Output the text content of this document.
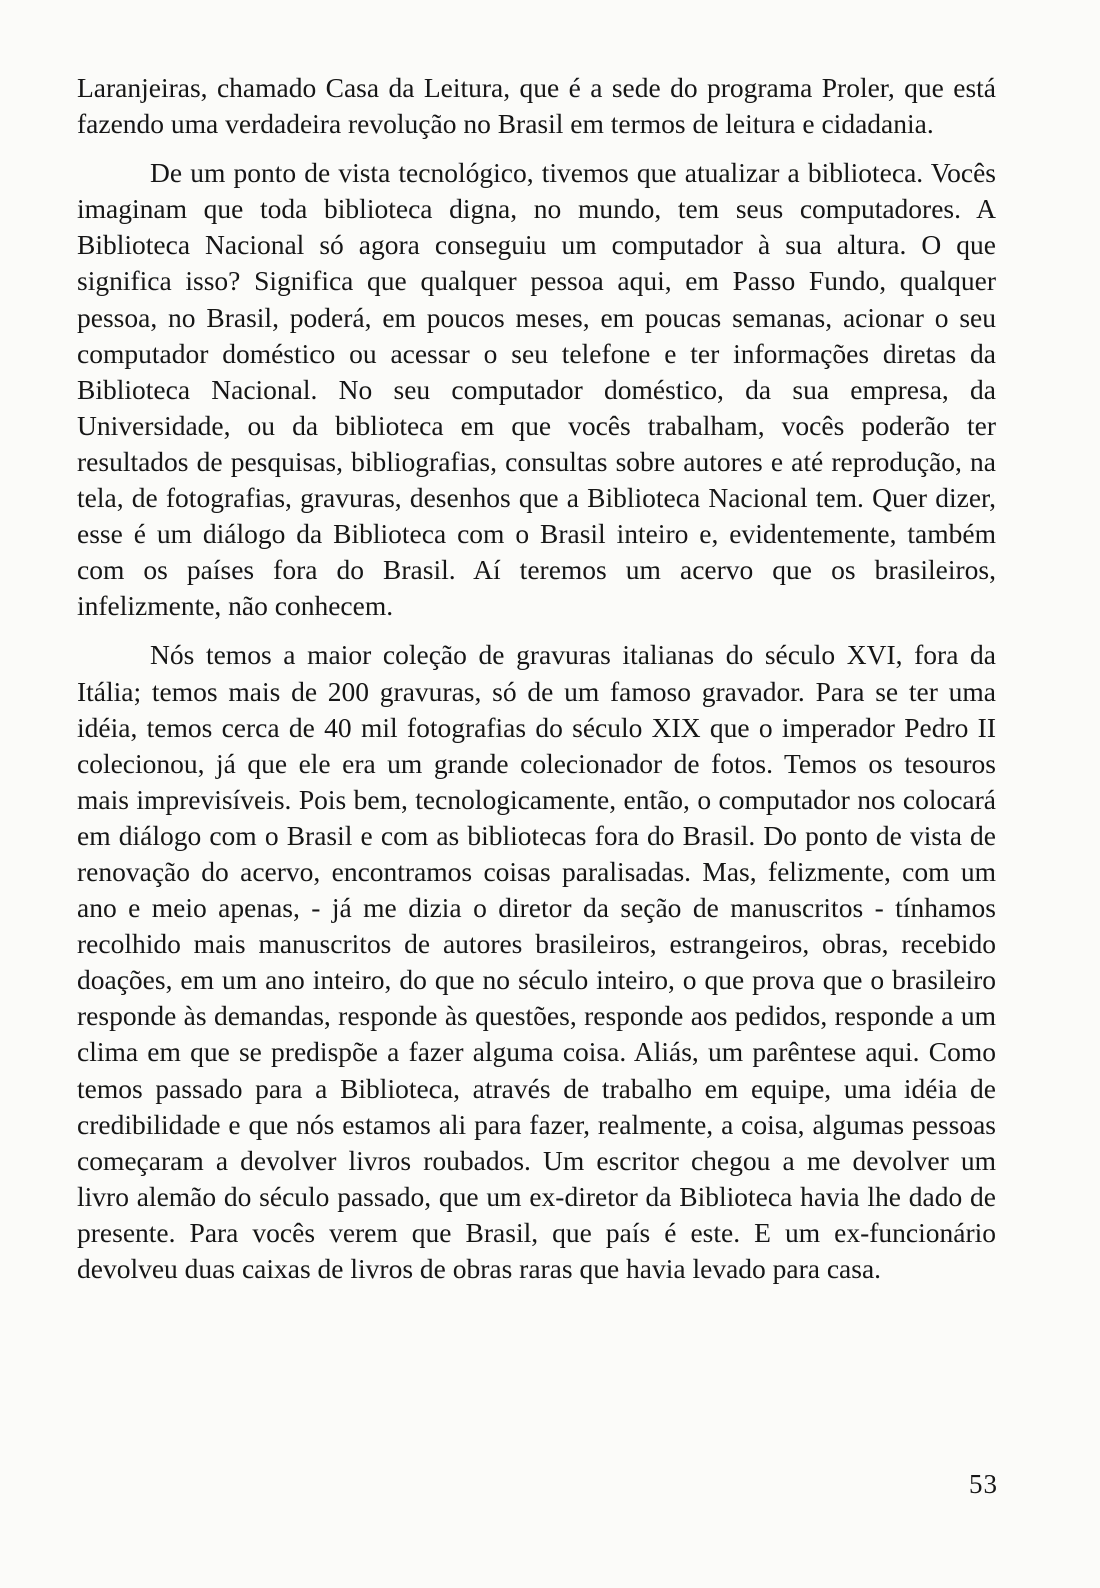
Laranjeiras, chamado Casa da Leitura, que é a sede do programa Proler, que está fazendo uma verdadeira revolução no Brasil em termos de leitura e cidadania.

De um ponto de vista tecnológico, tivemos que atualizar a biblioteca. Vocês imaginam que toda biblioteca digna, no mundo, tem seus computadores. A Biblioteca Nacional só agora conseguiu um computador à sua altura. O que significa isso? Significa que qualquer pessoa aqui, em Passo Fundo, qualquer pessoa, no Brasil, poderá, em poucos meses, em poucas semanas, acionar o seu computador doméstico ou acessar o seu telefone e ter informações diretas da Biblioteca Nacional. No seu computador doméstico, da sua empresa, da Universidade, ou da biblioteca em que vocês trabalham, vocês poderão ter resultados de pesquisas, bibliografias, consultas sobre autores e até reprodução, na tela, de fotografias, gravuras, desenhos que a Biblioteca Nacional tem. Quer dizer, esse é um diálogo da Biblioteca com o Brasil inteiro e, evidentemente, também com os países fora do Brasil. Aí teremos um acervo que os brasileiros, infelizmente, não conhecem.

Nós temos a maior coleção de gravuras italianas do século XVI, fora da Itália; temos mais de 200 gravuras, só de um famoso gravador. Para se ter uma idéia, temos cerca de 40 mil fotografias do século XIX que o imperador Pedro II colecionou, já que ele era um grande colecionador de fotos. Temos os tesouros mais imprevisíveis. Pois bem, tecnologicamente, então, o computador nos colocará em diálogo com o Brasil e com as bibliotecas fora do Brasil. Do ponto de vista de renovação do acervo, encontramos coisas paralisadas. Mas, felizmente, com um ano e meio apenas, - já me dizia o diretor da seção de manuscritos - tínhamos recolhido mais manuscritos de autores brasileiros, estrangeiros, obras, recebido doações, em um ano inteiro, do que no século inteiro, o que prova que o brasileiro responde às demandas, responde às questões, responde aos pedidos, responde a um clima em que se predispõe a fazer alguma coisa. Aliás, um parêntese aqui. Como temos passado para a Biblioteca, através de trabalho em equipe, uma idéia de credibilidade e que nós estamos ali para fazer, realmente, a coisa, algumas pessoas começaram a devolver livros roubados. Um escritor chegou a me devolver um livro alemão do século passado, que um ex-diretor da Biblioteca havia lhe dado de presente. Para vocês verem que Brasil, que país é este. E um ex-funcionário devolveu duas caixas de livros de obras raras que havia levado para casa.

53
